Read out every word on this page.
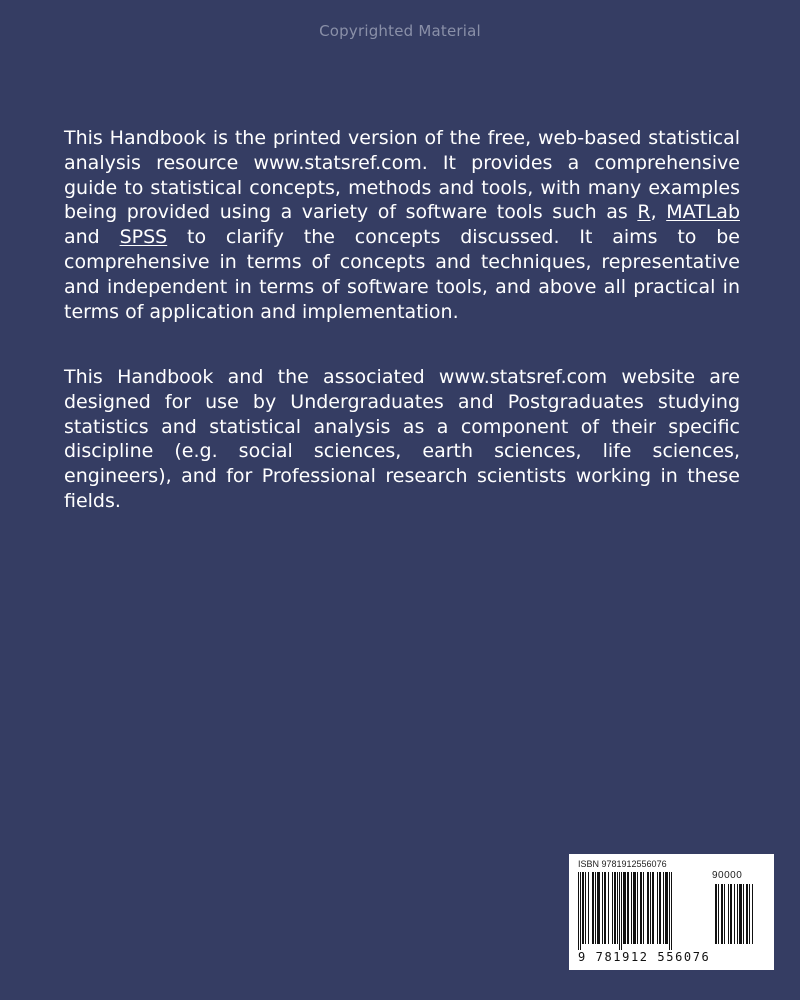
Copyrighted Material

This Handbook is the printed version of the free, web-based statistical analysis resource www.statsref.com. It provides a comprehensive guide to statistical concepts, methods and tools, with many examples being provided using a variety of software tools such as R, MATLab and SPSS to clarify the concepts discussed. It aims to be comprehensive in terms of concepts and techniques, representative and independent in terms of software tools, and above all practical in terms of application and implementation.

This Handbook and the associated www.statsref.com website are designed for use by Undergraduates and Postgraduates studying statistics and statistical analysis as a component of their specific discipline (e.g. social sciences, earth sciences, life sciences, engineers), and for Professional research scientists working in these fields.

ISBN 9781912556076
90000
9 781912 556076
